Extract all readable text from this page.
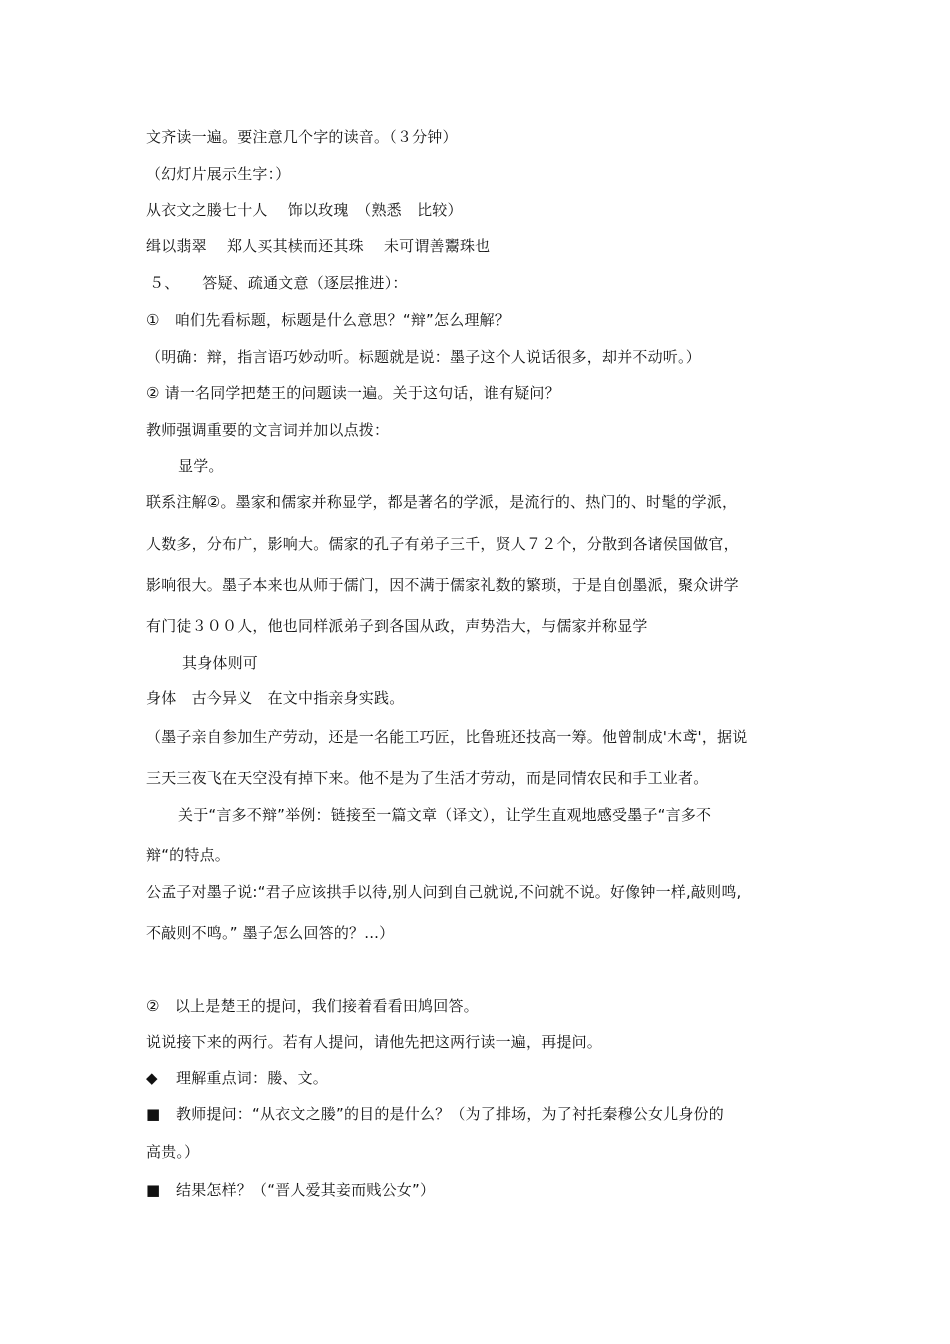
文齐读一遍。要注意几个字的读音。（３分钟）
（幻灯片展示生字：）
从衣文之媵七十人　 饰以玫瑰　（熟悉　比较）
缉以翡翠　 郑人买其椟而还其珠　 未可谓善鬻珠也
５、　　答疑、疏通文意（逐层推进）：
①　咱们先看标题，标题是什么意思？“辩”怎么理解？
（明确：辩，指言语巧妙动听。标题就是说：墨子这个人说话很多，却并不动听。）
② 请一名同学把楚王的问题读一遍。关于这句话，谁有疑问？
教师强调重要的文言词并加以点拨：
显学。
联系注解②。墨家和儒家并称显学，都是著名的学派，是流行的、热门的、时髦的学派，
人数多，分布广，影响大。儒家的孔子有弟子三千，贤人７２个，分散到各诸侯国做官，
影响很大。墨子本来也从师于儒门，因不满于儒家礼数的繁琐，于是自创墨派，聚众讲学
有门徒３００人，他也同样派弟子到各国从政，声势浩大，与儒家并称显学
其身体则可
身体　古今异义　在文中指亲身实践。
（墨子亲自参加生产劳动，还是一名能工巧匠，比鲁班还技高一筹。他曾制成'木鸢'，据说
三天三夜飞在天空没有掉下来。他不是为了生活才劳动，而是同情农民和手工业者。
关于“言多不辩”举例：链接至一篇文章（译文），让学生直观地感受墨子“言多不
辩“的特点。
公孟子对墨子说:“君子应该拱手以待,别人问到自己就说,不问就不说。好像钟一样,敲则鸣,
不敲则不鸣。” 墨子怎么回答的？...）
②　以上是楚王的提问，我们接着看看田鸠回答。
说说接下来的两行。若有人提问，请他先把这两行读一遍，再提问。
◆ 理解重点词：媵、文。
■ 教师提问：“从衣文之媵”的目的是什么？（为了排场，为了衬托秦穆公女儿身份的
高贵。）
■ 结果怎样？（“晋人爱其妾而贱公女”）
